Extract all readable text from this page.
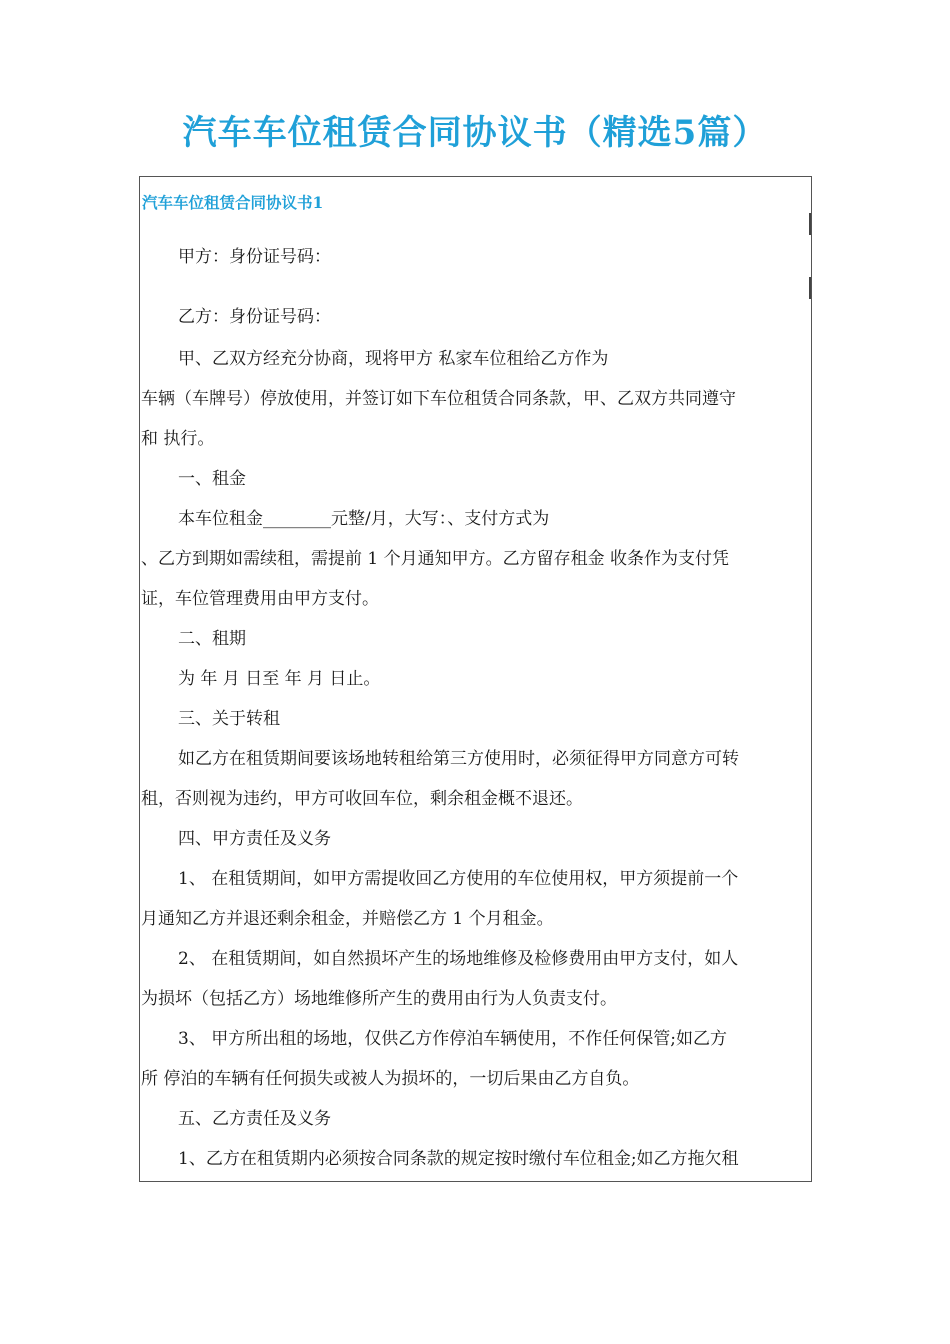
汽车车位租赁合同协议书（精选5篇）
汽车车位租赁合同协议书1
甲方：身份证号码：
乙方：身份证号码：
甲、乙双方经充分协商，现将甲方 私家车位租给乙方作为
车辆（车牌号）停放使用，并签订如下车位租赁合同条款，甲、乙双方共同遵守
和 执行。
一、租金
本车位租金________元整/月，大写：、支付方式为
、乙方到期如需续租，需提前 1 个月通知甲方。乙方留存租金 收条作为支付凭
证，车位管理费用由甲方支付。
二、租期
为 年 月 日至 年 月 日止。
三、关于转租
如乙方在租赁期间要该场地转租给第三方使用时，必须征得甲方同意方可转
租，否则视为违约，甲方可收回车位，剩余租金概不退还。
四、甲方责任及义务
1、 在租赁期间，如甲方需提收回乙方使用的车位使用权，甲方须提前一个
月通知乙方并退还剩余租金，并赔偿乙方 1 个月租金。
2、 在租赁期间，如自然损坏产生的场地维修及检修费用由甲方支付，如人
为损坏（包括乙方）场地维修所产生的费用由行为人负责支付。
3、 甲方所出租的场地，仅供乙方作停泊车辆使用，不作任何保管;如乙方
所 停泊的车辆有任何损失或被人为损坏的，一切后果由乙方自负。
五、乙方责任及义务
1、乙方在租赁期内必须按合同条款的规定按时缴付车位租金;如乙方拖欠租
